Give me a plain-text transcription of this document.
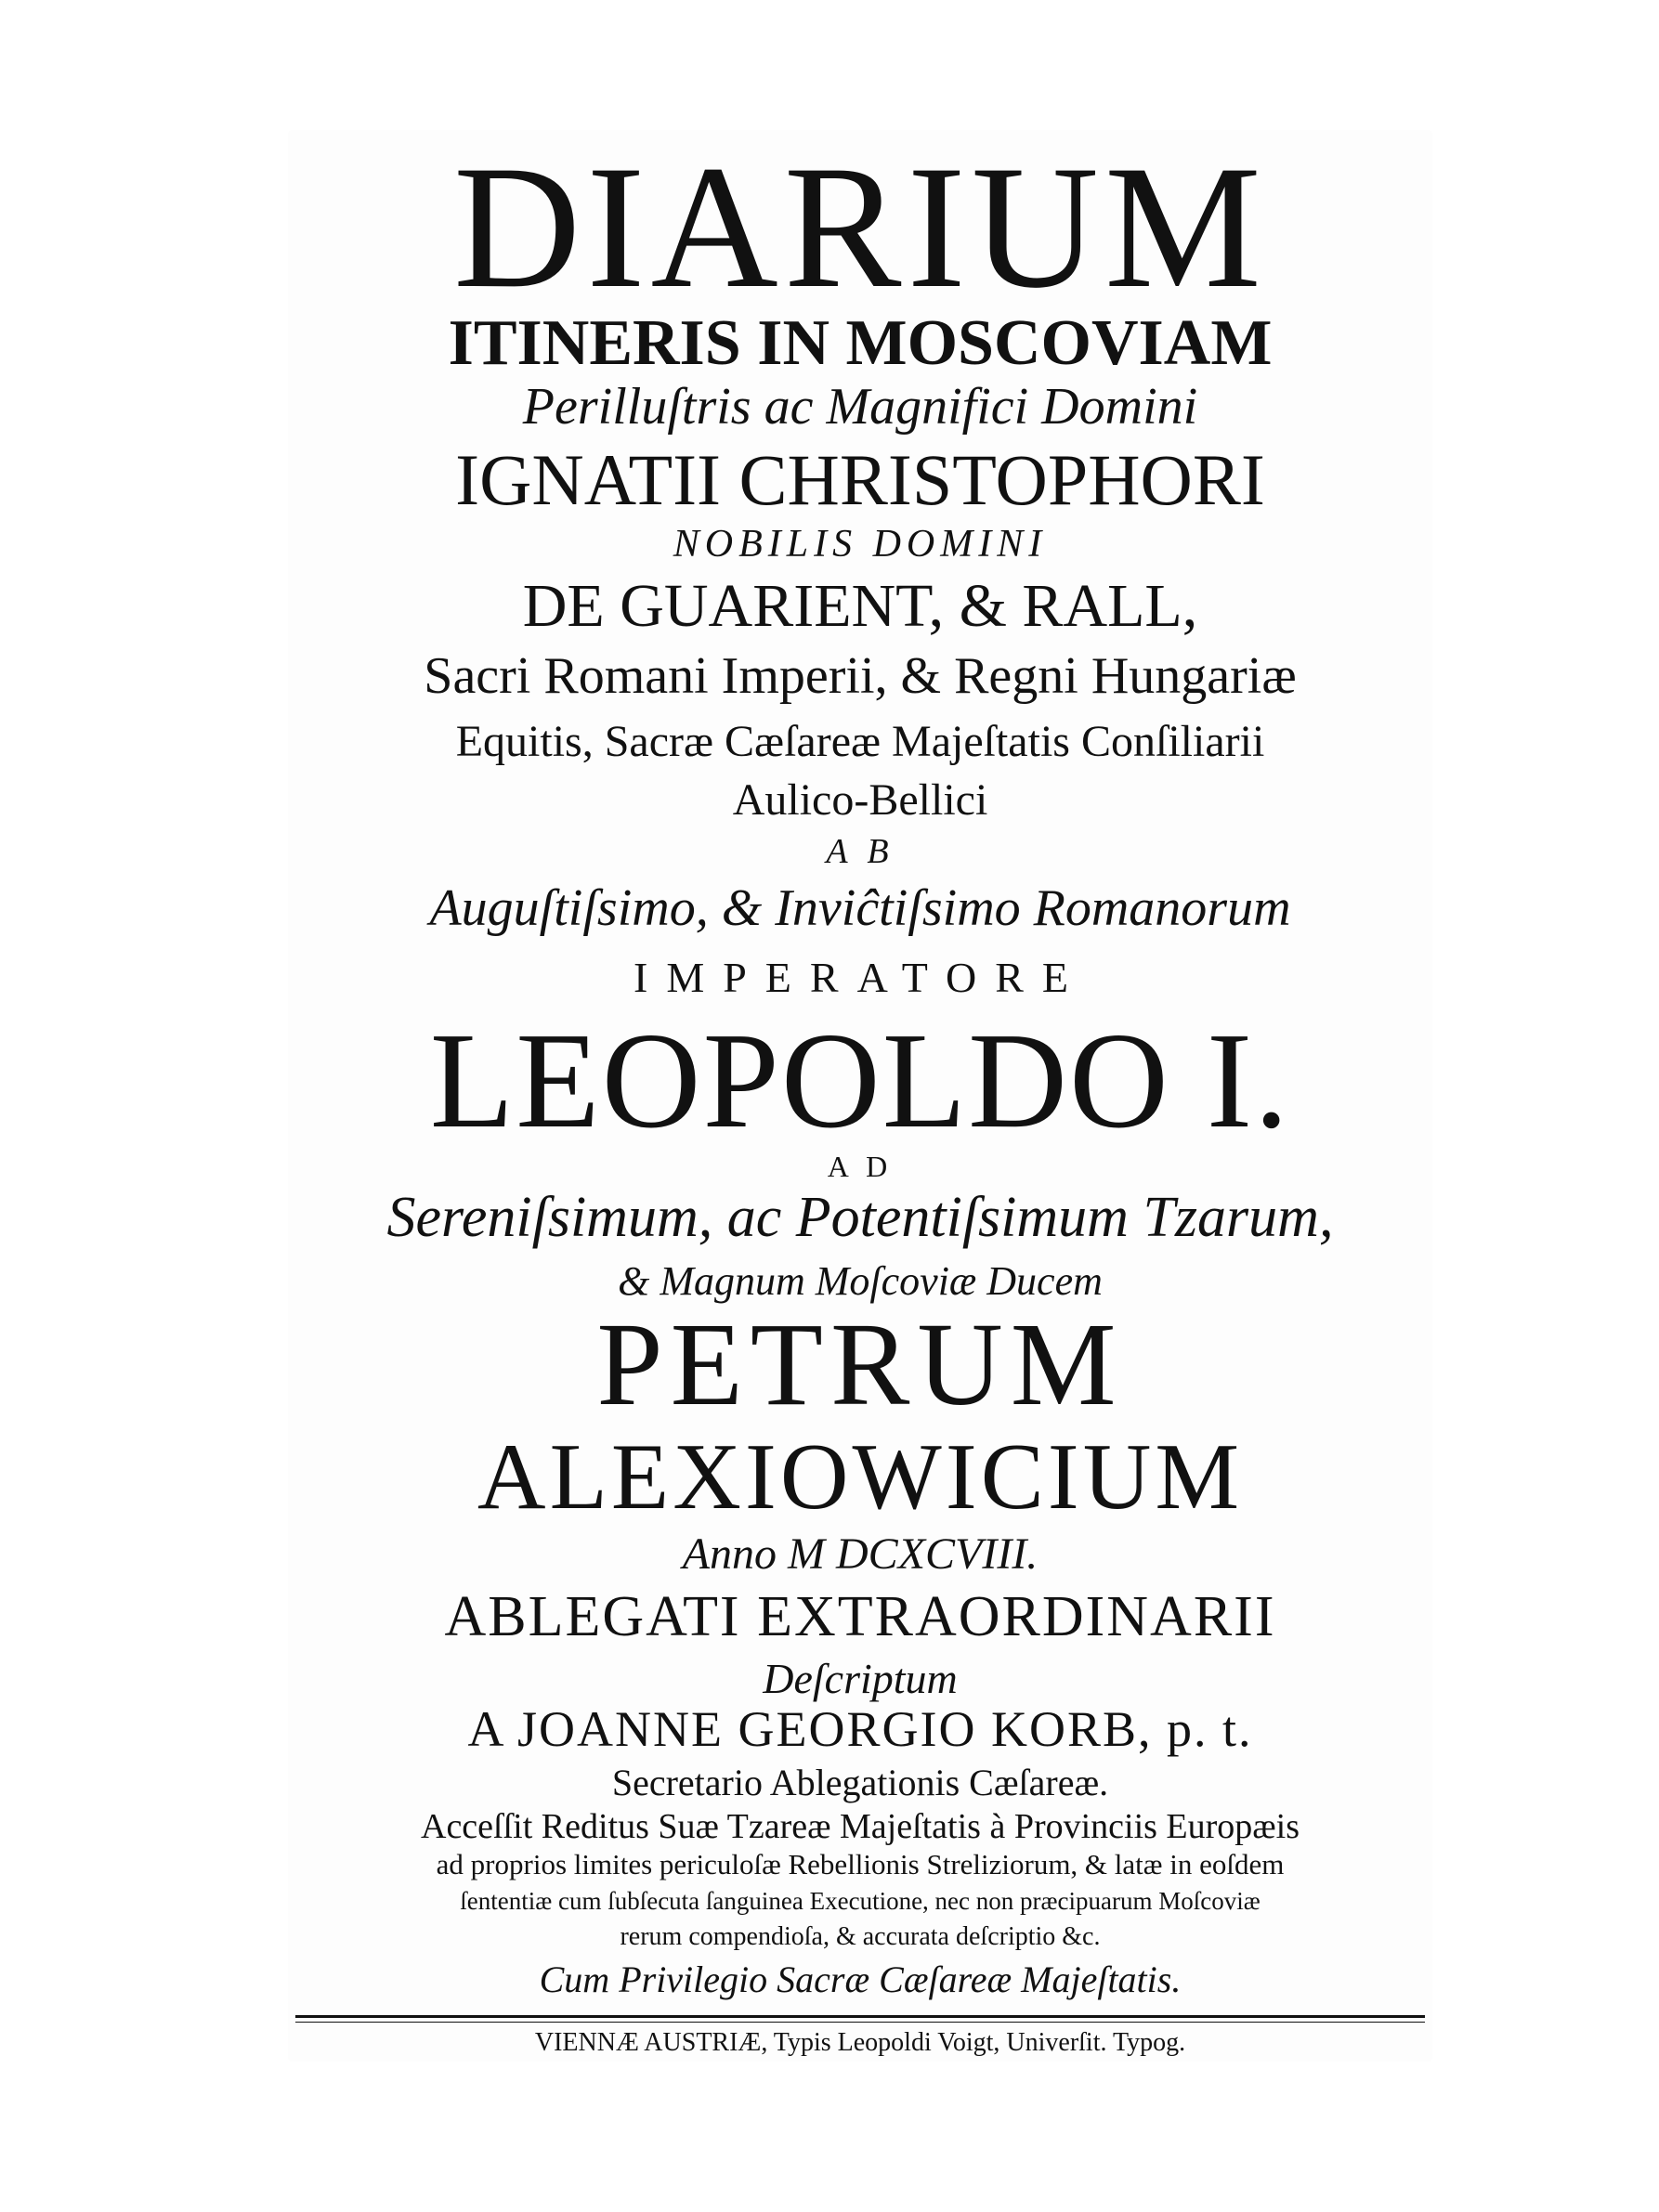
DIARIUM
ITINERIS IN MOSCOVIAM
Perilluſtris ac Magnifici Domini
IGNATII CHRISTOPHORI
NOBILIS DOMINI
DE GUARIENT, & RALL,
Sacri Romani Imperii, & Regni Hungariæ
Equitis, Sacræ Cæſareæ Majeſtatis Conſiliarii
Aulico-Bellici
A B
Auguſtiſsimo, & Inviĉtiſsimo Romanorum
IMPERATORE
LEOPOLDO I.
A D
Sereniſsimum, ac Potentiſsimum Tzarum,
& Magnum Moſcoviæ Ducem
PETRUM
ALEXIOWICIUM
Anno M DCXCVIII.
ABLEGATI EXTRAORDINARII
Deſcriptum
A JOANNE GEORGIO KORB, p. t.
Secretario Ablegationis Cæſareæ.
Acceſſit Reditus Suæ Tzareæ Majeſtatis à Provinciis Europæis
ad proprios limites periculoſæ Rebellionis Streliziorum, & latæ in eoſdem
ſententiæ cum ſubſecuta ſanguinea Executione, nec non præcipuarum Moſcoviæ
rerum compendioſa, & accurata deſcriptio &c.
Cum Privilegio Sacræ Cæſareæ Majeſtatis.
VIENNÆ AUSTRIÆ, Typis Leopoldi Voigt, Univerſit. Typog.
